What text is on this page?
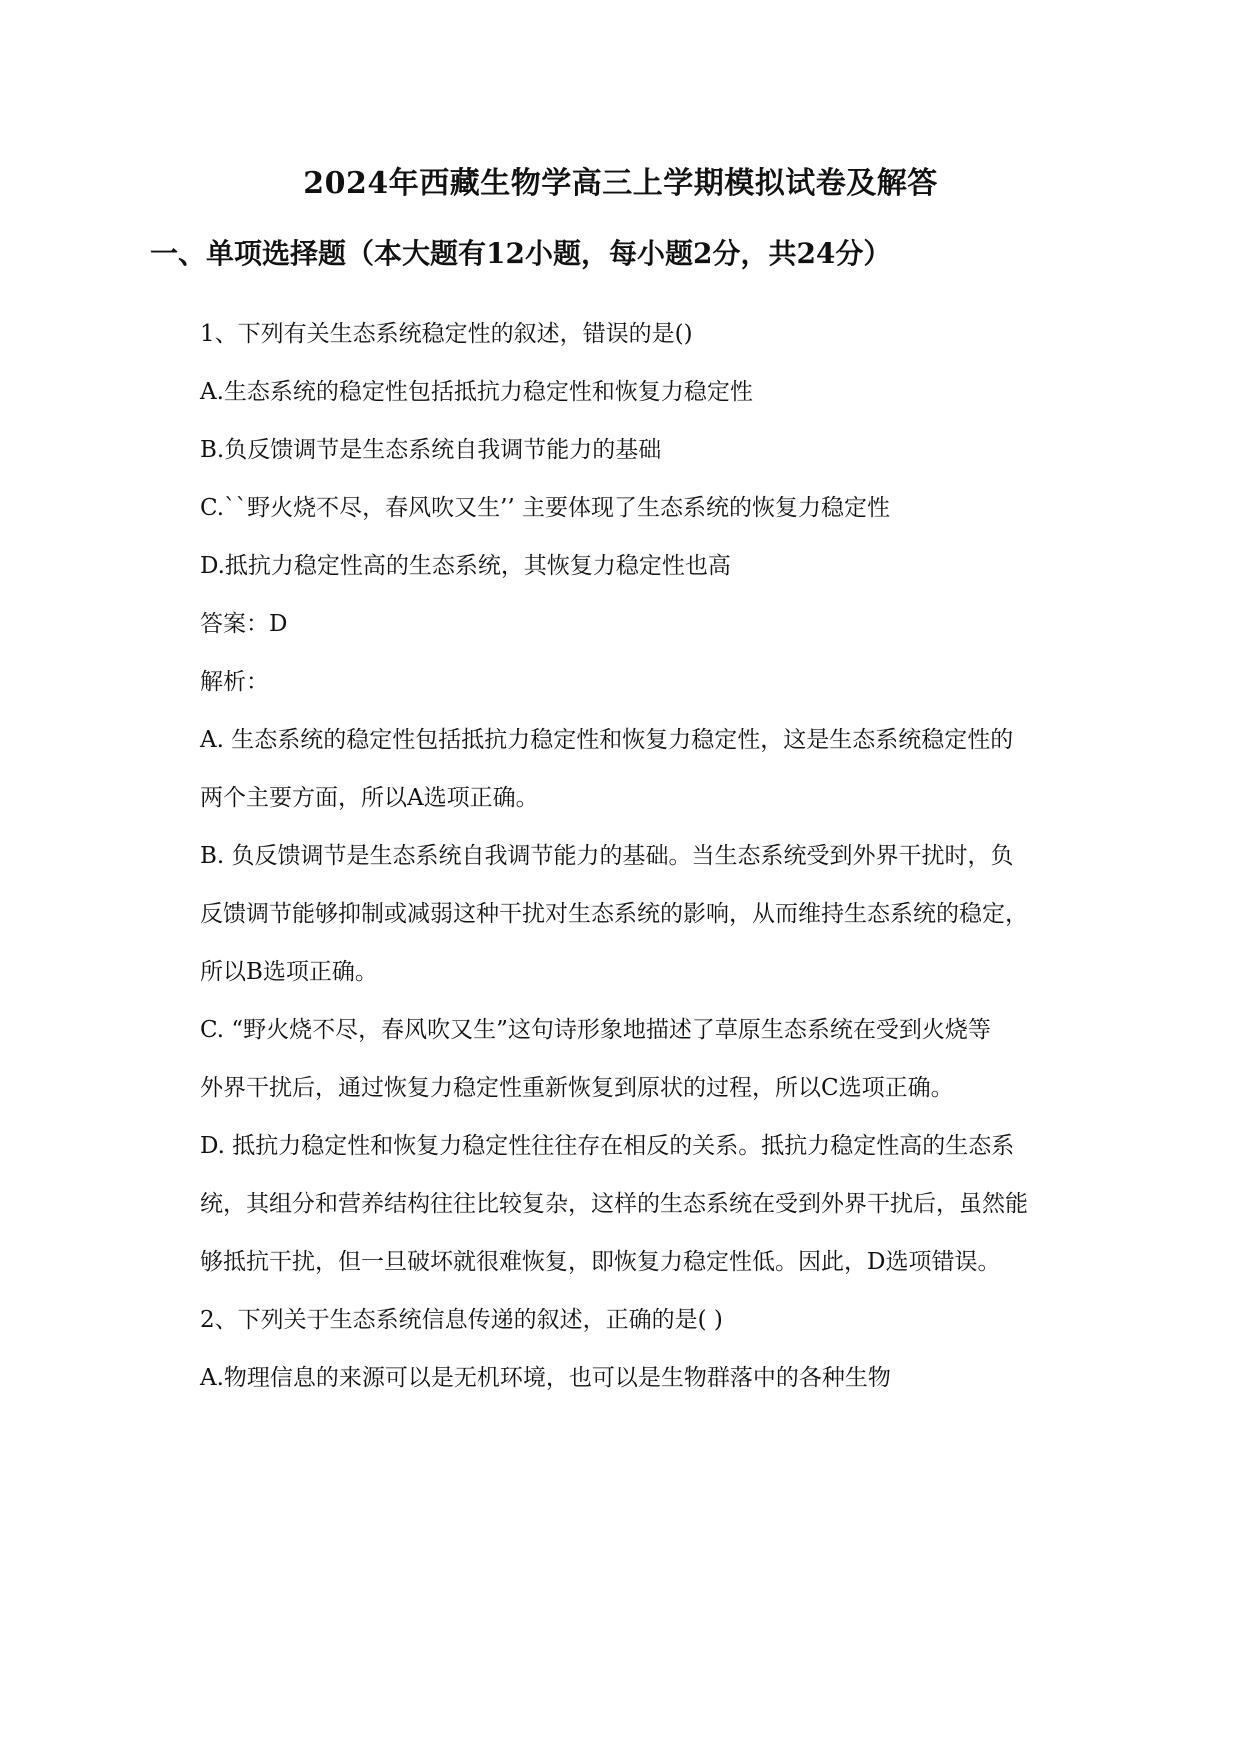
2024年西藏生物学高三上学期模拟试卷及解答
一、单项选择题（本大题有12小题，每小题2分，共24分）
1、下列有关生态系统稳定性的叙述，错误的是()
A.生态系统的稳定性包括抵抗力稳定性和恢复力稳定性
B.负反馈调节是生态系统自我调节能力的基础
C.``野火烧不尽，春风吹又生’’ 主要体现了生态系统的恢复力稳定性
D.抵抗力稳定性高的生态系统，其恢复力稳定性也高
答案：D
解析：
A. 生态系统的稳定性包括抵抗力稳定性和恢复力稳定性，这是生态系统稳定性的
两个主要方面，所以A选项正确。
B. 负反馈调节是生态系统自我调节能力的基础。当生态系统受到外界干扰时，负
反馈调节能够抑制或减弱这种干扰对生态系统的影响，从而维持生态系统的稳定，
所以B选项正确。
C. “野火烧不尽，春风吹又生”这句诗形象地描述了草原生态系统在受到火烧等
外界干扰后，通过恢复力稳定性重新恢复到原状的过程，所以C选项正确。
D. 抵抗力稳定性和恢复力稳定性往往存在相反的关系。抵抗力稳定性高的生态系
统，其组分和营养结构往往比较复杂，这样的生态系统在受到外界干扰后，虽然能
够抵抗干扰，但一旦破坏就很难恢复，即恢复力稳定性低。因此，D选项错误。
2、下列关于生态系统信息传递的叙述，正确的是( )
A.物理信息的来源可以是无机环境，也可以是生物群落中的各种生物
